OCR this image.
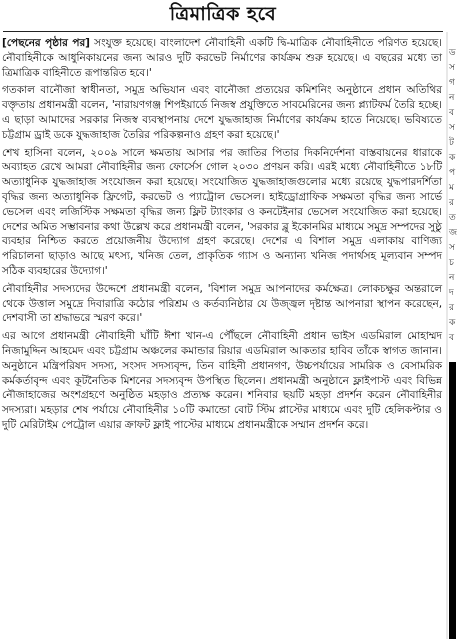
ত্রিমাত্রিক হবে

[পেছনের পৃষ্ঠার পর] সংযুক্ত হয়েছে। বাংলাদেশ নৌবাহিনী একটি দ্বি-মাত্রিক নৌবাহিনীতে পরিণত হয়েছে। নৌবাহিনীকে আধুনিকায়নের জন্য আরও দুটি করভেট নির্মাণের কার্যক্রম শুরু হয়েছে। এ বছরের মধ্যে তা ত্রিমাত্রিক বাহিনীতে রূপান্তরিত হবে।'

গতকাল বানৌজা স্বাধীনতা, সমুদ্র অভিযান এবং বানৌজা প্রত্যয়ের কমিশনিং অনুষ্ঠানে প্রধান অতিথির বক্তৃতায় প্রধানমন্ত্রী বলেন, 'নারায়ণগঞ্জ শিপইয়ার্ডে নিজস্ব প্রযুক্তিতে সাবমেরিনের জন্য প্ল্যাটফর্ম তৈরি হচ্ছে। এ ছাড়া আমাদের সরকার নিজস্ব ব্যবস্থাপনায় দেশে যুদ্ধজাহাজ নির্মাণের কার্যক্রম হাতে নিয়েছে। ভবিষ্যতে চট্টগ্রাম ড্রাই ডকে যুদ্ধজাহাজ তৈরির পরিকল্পনাও গ্রহণ করা হয়েছে।'

শেখ হাসিনা বলেন, ২০০৯ সালে ক্ষমতায় আসার পর জাতির পিতার দিকনির্দেশনা বাস্তবায়নের ধারাকে অব্যাহত রেখে আমরা নৌবাহিনীর জন্য ফোর্সেস গোল ২০৩০ প্রণয়ন করি। এরই মধ্যে নৌবাহিনীতে ১৮টি অত্যাধুনিক যুদ্ধজাহাজ সংযোজন করা হয়েছে। সংযোজিত যুদ্ধজাহাজগুলোর মধ্যে রয়েছে যুদ্ধপারদর্শিতা বৃদ্ধির জন্য অত্যাধুনিক ফ্রিগেট, করভেট ও প্যাট্রোল ভেসেল। হাইড্রোগ্রাফিক সক্ষমতা বৃদ্ধির জন্য সার্ভে ভেসেল এবং লজিস্টিক সক্ষমতা বৃদ্ধির জন্য ফ্লিট ট্যাংকার ও কনটেইনার ভেসেল সংযোজিত করা হয়েছে। দেশের অমিত সম্ভাবনার কথা উল্লেখ করে প্রধানমন্ত্রী বলেন, 'সরকার ব্লু ইকোনমির মাধ্যমে সমুদ্র সম্পদের সুষ্ঠু ব্যবহার নিশ্চিত করতে প্রয়োজনীয় উদ্যোগ গ্রহণ করেছে। দেশের এ বিশাল সমুদ্র এলাকায় বাণিজ্য পরিচালনা ছাড়াও আছে মৎস্য, খনিজ তেল, প্রাকৃতিক গ্যাস ও অন্যান্য খনিজ পদার্থসহ মূল্যবান সম্পদ সঠিক ব্যবহারের উদ্যোগ।'

নৌবাহিনীর সদস্যদের উদ্দেশে প্রধানমন্ত্রী বলেন, 'বিশাল সমুদ্র আপনাদের কর্মক্ষেত্র। লোকচক্ষুর অন্তরালে থেকে উত্তাল সমুদ্রে দিবারাত্রি কঠোর পরিশ্রম ও কর্তব্যনিষ্ঠার যে উজ্জ্বল দৃষ্টান্ত আপনারা স্থাপন করেছেন, দেশবাসী তা শ্রদ্ধাভরে স্মরণ করে।'

এর আগে প্রধানমন্ত্রী নৌবাহিনী ঘাঁটি ঈশা খান-এ পৌঁছলে নৌবাহিনী প্রধান ভাইস এডমিরাল মোহাম্মদ নিজামুদ্দিন আহমেদ এবং চট্টগ্রাম অঞ্চলের কমান্ডার রিয়ার এডমিরাল আকতার হাবিব তাঁকে স্বাগত জানান। অনুষ্ঠানে মন্ত্রিপরিষদ সদস্য, সংসদ সদস্যবৃন্দ, তিন বাহিনী প্রধানগণ, উচ্চপর্যায়ের সামরিক ও বেসামরিক কর্মকর্তাবৃন্দ এবং কূটনৈতিক মিশনের সদস্যবৃন্দ উপস্থিত ছিলেন। প্রধানমন্ত্রী অনুষ্ঠানে ফ্লাইপাস্ট এবং বিভিন্ন নৌজাহাজের অংশগ্রহণে অনুষ্ঠিত মহড়াও প্রত্যক্ষ করেন। শনিবার ছয়টি মহড়া প্রদর্শন করেন নৌবাহিনীর সদস্যরা। মহড়ার শেষ পর্যায়ে নৌবাহিনীর ১০টি কমান্ডো বোট স্টিম প্লাস্টের মাধ্যমে এবং দুটি হেলিকপ্টার ও দুটি মেরিটাইম পেট্রোল এয়ার ক্রাফট ফ্লাই পাস্টের মাধ্যমে প্রধানমন্ত্রীকে সম্মান প্রদর্শন করে।

ড
স
গ
ন
ব
স
ট
ক
প
ম
র
ত
জ
স
চ
ন
দ
র
ক
ব
